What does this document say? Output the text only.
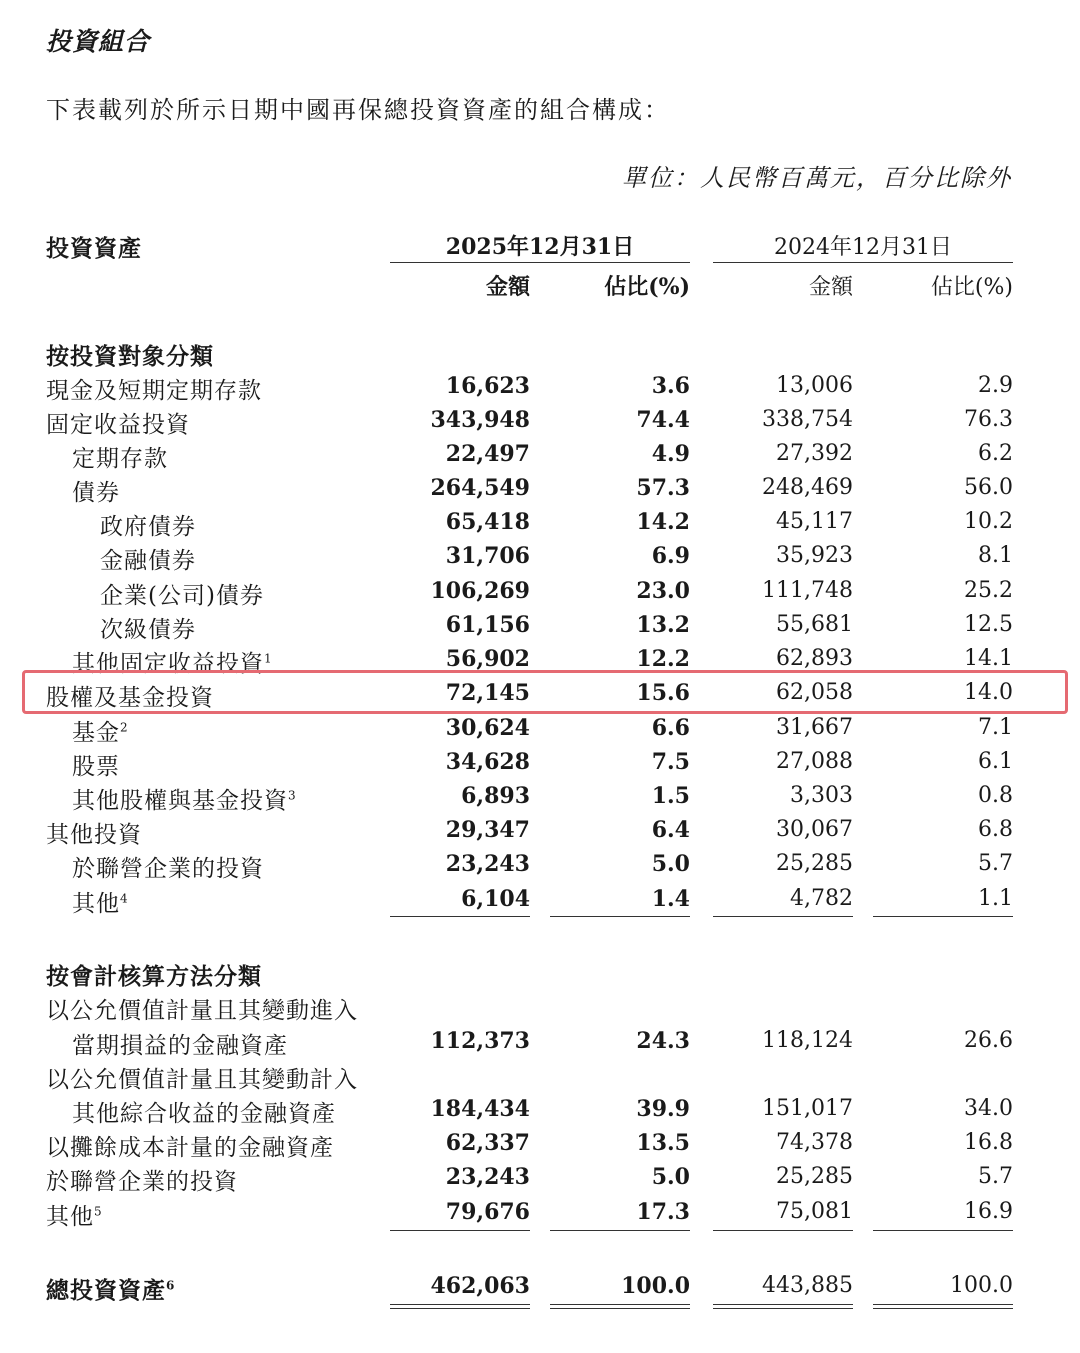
投資組合
下表載列於所示日期中國再保總投資資產的組合構成：
單位：人民幣百萬元，百分比除外
投資資產	2025年12月31日	2024年12月31日
金額	佔比(%)	金額	佔比(%)
按投資對象分類
按會計核算方法分類
現金及短期定期存款	16,623	3.6	13,006	2.9
固定收益投資	343,948	74.4	338,754	76.3
定期存款	22,497	4.9	27,392	6.2
債券	264,549	57.3	248,469	56.0
政府債券	65,418	14.2	45,117	10.2
金融債券	31,706	6.9	35,923	8.1
企業(公司)債券	106,269	23.0	111,748	25.2
次級債券	61,156	13.2	55,681	12.5
其他固定收益投資$^1$	56,902	12.2	62,893	14.1
股權及基金投資	72,145	15.6	62,058	14.0
基金$^2$	30,624	6.6	31,667	7.1
股票	34,628	7.5	27,088	6.1
其他股權與基金投資$^3$	6,893	1.5	3,303	0.8
其他投資	29,347	6.4	30,067	6.8
於聯營企業的投資	23,243	5.0	25,285	5.7
其他$^4$	6,104	1.4	4,782	1.1
以公允價值計量且其變動進入
當期損益的金融資產	112,373	24.3	118,124	26.6
以公允價值計量且其變動計入
其他綜合收益的金融資產	184,434	39.9	151,017	34.0
以攤餘成本計量的金融資產	62,337	13.5	74,378	16.8
於聯營企業的投資	23,243	5.0	25,285	5.7
其他$^5$	79,676	17.3	75,081	16.9
總投資資產$^6$	462,063	100.0	443,885	100.0
